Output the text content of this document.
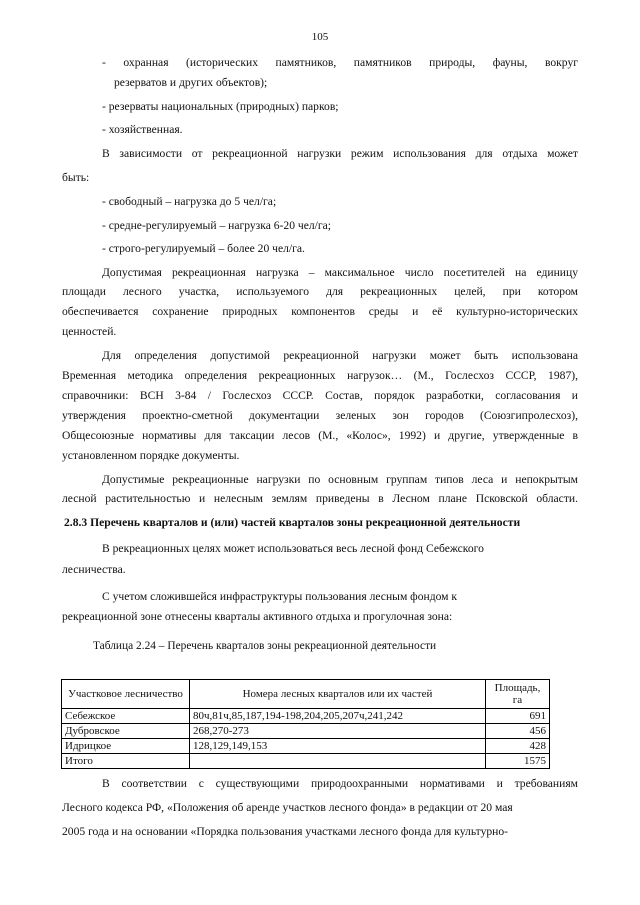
105
- охранная (исторических памятников, памятников природы, фауны, вокруг
резерватов и других объектов);
- резерваты национальных (природных) парков;
- хозяйственная.
В зависимости от рекреационной нагрузки режим использования для отдыха может
быть:
- свободный – нагрузка до 5 чел/га;
- средне-регулируемый – нагрузка 6-20 чел/га;
- строго-регулируемый – более 20 чел/га.
Допустимая рекреационная нагрузка – максимальное число посетителей на единицу
площади лесного участка, используемого для рекреационных целей, при котором
обеспечивается сохранение природных компонентов среды и её культурно-исторических
ценностей.
Для определения допустимой рекреационной нагрузки может быть использована
Временная методика определения рекреационных нагрузок… (М., Гослесхоз СССР, 1987),
справочники: ВСН 3-84 / Гослесхоз СССР. Состав, порядок разработки, согласования и
утверждения проектно-сметной документации зеленых зон городов (Союзгипролесхоз),
Общесоюзные нормативы для таксации лесов (М., «Колос», 1992) и другие, утвержденные в
установленном порядке документы.
Допустимые рекреационные нагрузки по основным группам типов леса и непокрытым
лесной растительностью и нелесным землям приведены в Лесном плане Псковской области.
2.8.3 Перечень кварталов и (или) частей кварталов зоны рекреационной деятельности
В рекреационных целях может использоваться весь лесной фонд Себежского
лесничества.
С учетом сложившейся инфраструктуры пользования лесным фондом к
рекреационной зоне отнесены кварталы активного отдыха и прогулочная зона:
Таблица 2.24 – Перечень кварталов зоны рекреационной деятельности
Участковое лесничество	Номера лесных кварталов или их частей	Площадь, га
Себежское	80ч,81ч,85,187,194-198,204,205,207ч,241,242	691
Дубровское	268,270-273	456
Идрицкое	128,129,149,153	428
Итого		1575
В соответствии с существующими природоохранными нормативами и требованиям
Лесного кодекса РФ, «Положения об аренде участков лесного фонда» в редакции от 20 мая
2005 года и на основании «Порядка пользования участками лесного фонда для культурно-
